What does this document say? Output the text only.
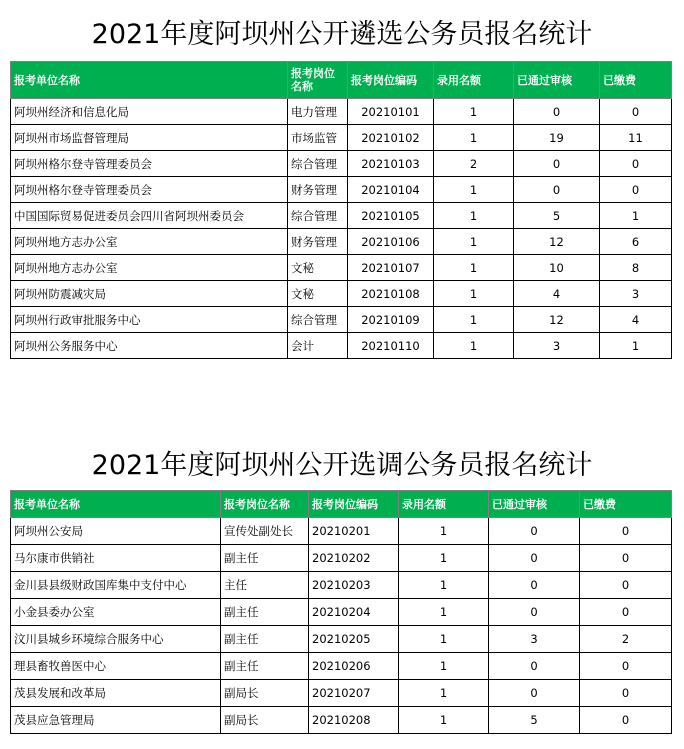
2021年度阿坝州公开遴选公务员报名统计
报考单位名称	报考岗位名称	报考岗位编码	录用名额	已通过审核	已缴费
阿坝州经济和信息化局	电力管理	20210101	1	0	0
阿坝州市场监督管理局	市场监管	20210102	1	19	11
阿坝州格尔登寺管理委员会	综合管理	20210103	2	0	0
阿坝州格尔登寺管理委员会	财务管理	20210104	1	0	0
中国国际贸易促进委员会四川省阿坝州委员会	综合管理	20210105	1	5	1
阿坝州地方志办公室	财务管理	20210106	1	12	6
阿坝州地方志办公室	文秘	20210107	1	10	8
阿坝州防震减灾局	文秘	20210108	1	4	3
阿坝州行政审批服务中心	综合管理	20210109	1	12	4
阿坝州公务服务中心	会计	20210110	1	3	1
2021年度阿坝州公开选调公务员报名统计
报考单位名称	报考岗位名称	报考岗位编码	录用名额	已通过审核	已缴费
阿坝州公安局	宣传处副处长	20210201	1	0	0
马尔康市供销社	副主任	20210202	1	0	0
金川县县级财政国库集中支付中心	主任	20210203	1	0	0
小金县委办公室	副主任	20210204	1	0	0
汶川县城乡环境综合服务中心	副主任	20210205	1	3	2
理县畜牧兽医中心	副主任	20210206	1	0	0
茂县发展和改革局	副局长	20210207	1	0	0
茂县应急管理局	副局长	20210208	1	5	0
